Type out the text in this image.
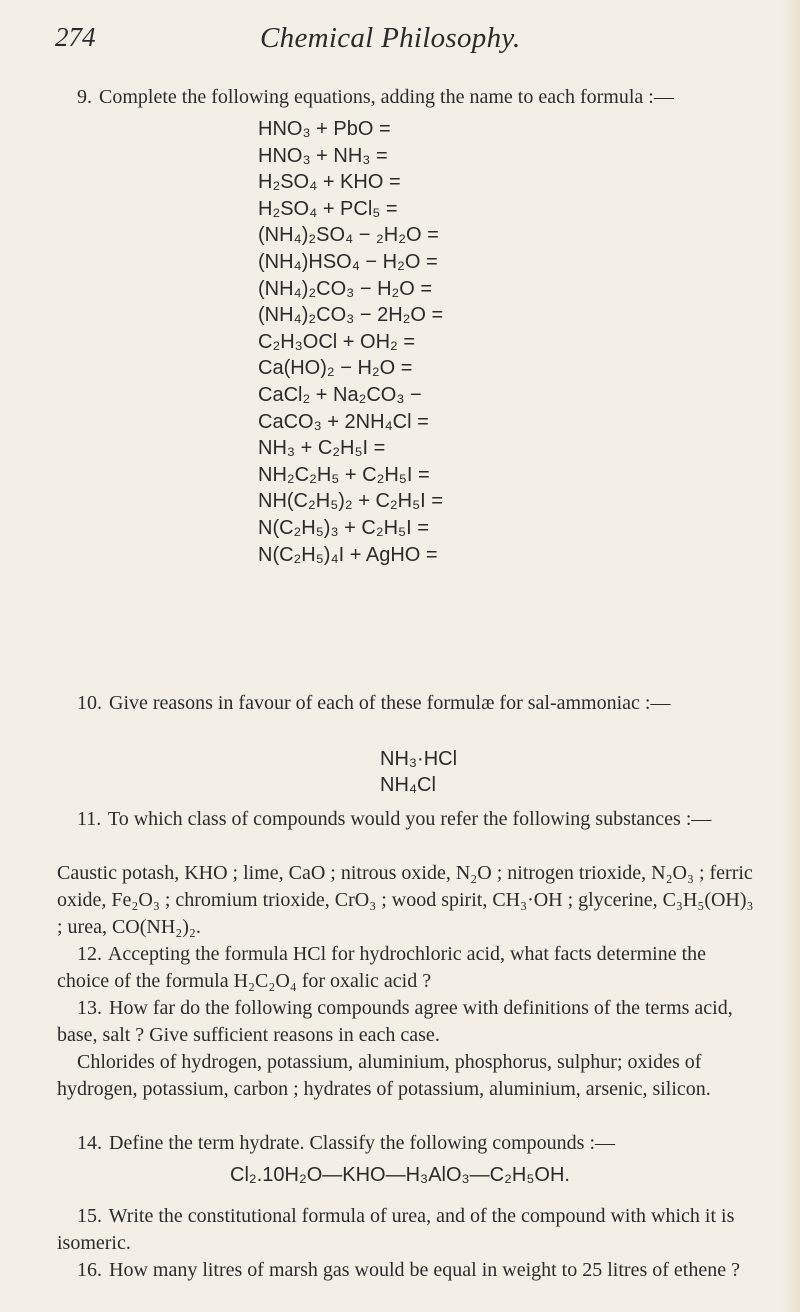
274	Chemical Philosophy.

9. Complete the following equations, adding the name to each formula :—

HNO₃ + PbO =
HNO₃ + NH₃ =
H₂SO₄ + KHO =
H₂SO₄ + PCl₅ =
(NH₄)₂SO₄ − ₂H₂O =
(NH₄)HSO₄ − H₂O =
(NH₄)₂CO₃ − H₂O =
(NH₄)₂CO₃ − 2H₂O =
C₂H₃OCl + OH₂ =
Ca(HO)₂ − H₂O =
CaCl₂ + Na₂CO₃ −
CaCO₃ + 2NH₄Cl =
NH₃ + C₂H₅I =
NH₂C₂H₅ + C₂H₅I =
NH(C₂H₅)₂ + C₂H₅I =
N(C₂H₅)₃ + C₂H₅I =
N(C₂H₅)₄I + AgHO =

10. Give reasons in favour of each of these formulæ for sal-ammoniac :—

NH₃·HCl
NH₄Cl

11. To which class of compounds would you refer the following substances :—

Caustic potash, KHO ; lime, CaO ; nitrous oxide, N₂O ; nitrogen trioxide, N₂O₃ ; ferric oxide, Fe₂O₃ ; chromium trioxide, CrO₃ ; wood spirit, CH₃·OH ; glycerine, C₃H₅(OH)₃ ; urea, CO(NH₂)₂.

12. Accepting the formula HCl for hydrochloric acid, what facts determine the choice of the formula H₂C₂O₄ for oxalic acid ?

13. How far do the following compounds agree with definitions of the terms acid, base, salt ? Give sufficient reasons in each case.

Chlorides of hydrogen, potassium, aluminium, phosphorus, sulphur; oxides of hydrogen, potassium, carbon ; hydrates of potassium, aluminium, arsenic, silicon.

14. Define the term hydrate. Classify the following compounds :—

Cl₂.10H₂O—KHO—H₃AlO₃—C₂H₅OH.

15. Write the constitutional formula of urea, and of the compound with which it is isomeric.

16. How many litres of marsh gas would be equal in weight to 25 litres of ethene ?
